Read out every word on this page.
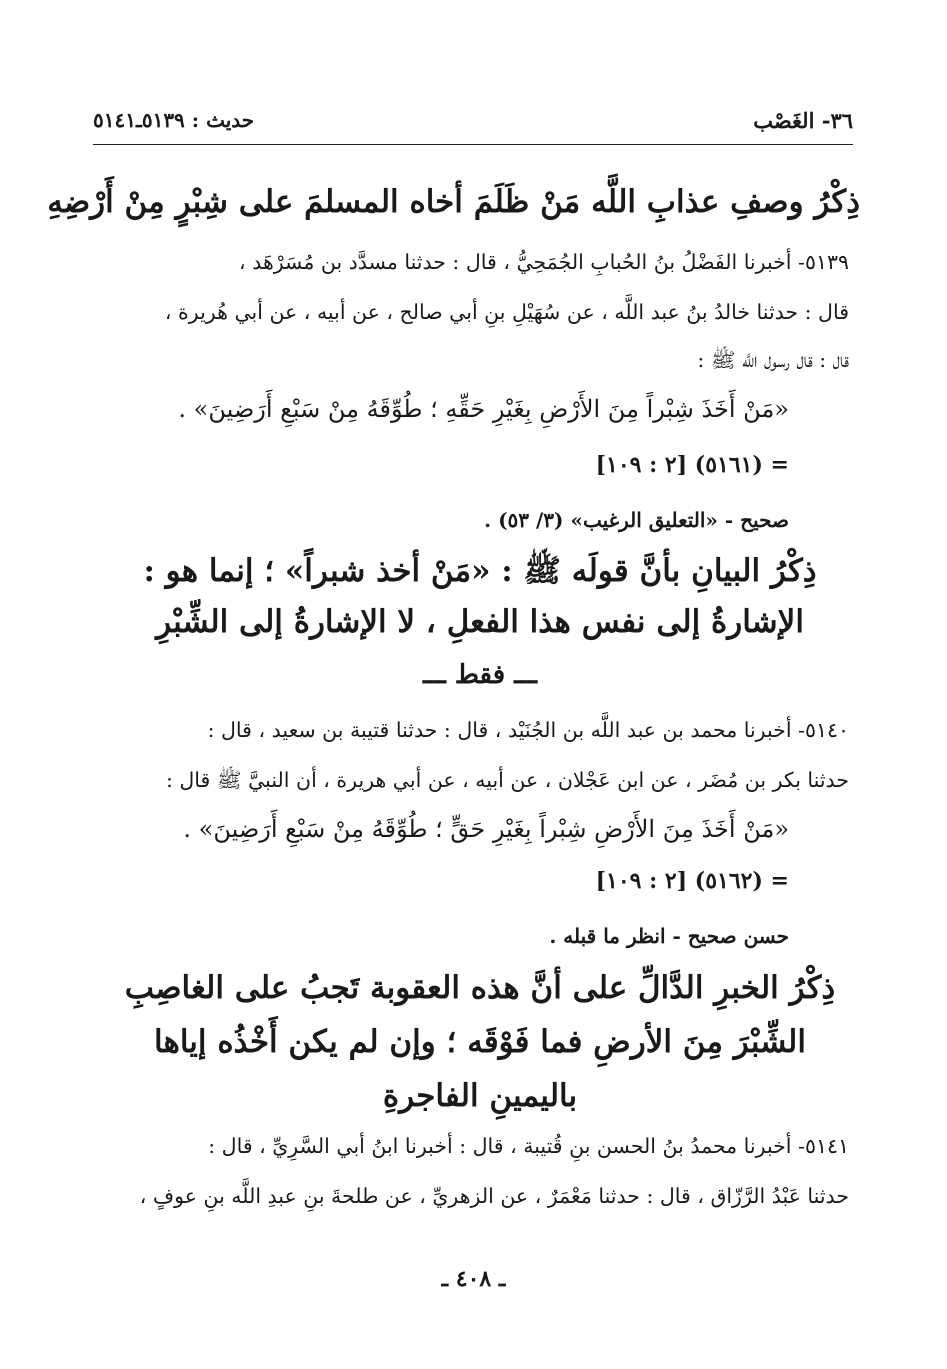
٣٦- الغَصْب
حديث : ٥١٣٩ـ٥١٤١
ذِكْرُ وصفِ عذابِ اللَّه مَنْ ظَلَمَ أخاه المسلمَ على شِبْرٍ مِنْ أَرْضِهِ
٥١٣٩- أخبرنا الفَضْلُ بنُ الحُبابِ الجُمَحِيُّ ، قال : حدثنا مسدَّد بن مُسَرْهَد ،
قال : حدثنا خالدُ بنُ عبد اللَّه ، عن سُهَيْلِ بنِ أبي صالح ، عن أبيه ، عن أبي هُريرة ،
قال : قال رسول اللَّه ﷺ :
«مَنْ أَخَذَ شِبْراً مِنَ الأَرْضِ بِغَيْرِ حَقِّهِ ؛ طُوِّقَهُ مِنْ سَبْعِ أَرَضِينَ» .
= (٥١٦١) [٢ : ١٠٩]
صحيح - «التعليق الرغيب» (٣/ ٥٣) .
ذِكْرُ البيانِ بأنَّ قولَه ﷺ : «مَنْ أخذ شبراً» ؛ إنما هو :
الإشارةُ إلى نفس هذا الفعلِ ، لا الإشارةُ إلى الشِّبْرِ
ـــ فقط ـــ
٥١٤٠- أخبرنا محمد بن عبد اللَّه بن الجُنَيْد ، قال : حدثنا قتيبة بن سعيد ، قال :
حدثنا بكر بن مُضَر ، عن ابن عَجْلان ، عن أبيه ، عن أبي هريرة ، أن النبيَّ ﷺ قال :
«مَنْ أَخَذَ مِنَ الأَرْضِ شِبْراً بِغَيْرِ حَقٍّ ؛ طُوِّقَهُ مِنْ سَبْعِ أَرَضِينَ» .
= (٥١٦٢) [٢ : ١٠٩]
حسن صحيح - انظر ما قبله .
ذِكْرُ الخبرِ الدَّالِّ على أنَّ هذه العقوبة تَجبُ على الغاصِبِ
الشِّبْرَ مِنَ الأرضِ فما فَوْقَه ؛ وإن لم يكن أَخْذُه إياها
باليمينِ الفاجرةِ
٥١٤١- أخبرنا محمدُ بنُ الحسن بنِ قُتيبة ، قال : أخبرنا ابنُ أبي السَّرِيِّ ، قال :
حدثنا عَبْدُ الرَّزّاق ، قال : حدثنا مَعْمَرٌ ، عن الزهريِّ ، عن طلحةَ بنِ عبدِ اللَّه بنِ عوفٍ ،
ـ ٤٠٨ ـ
